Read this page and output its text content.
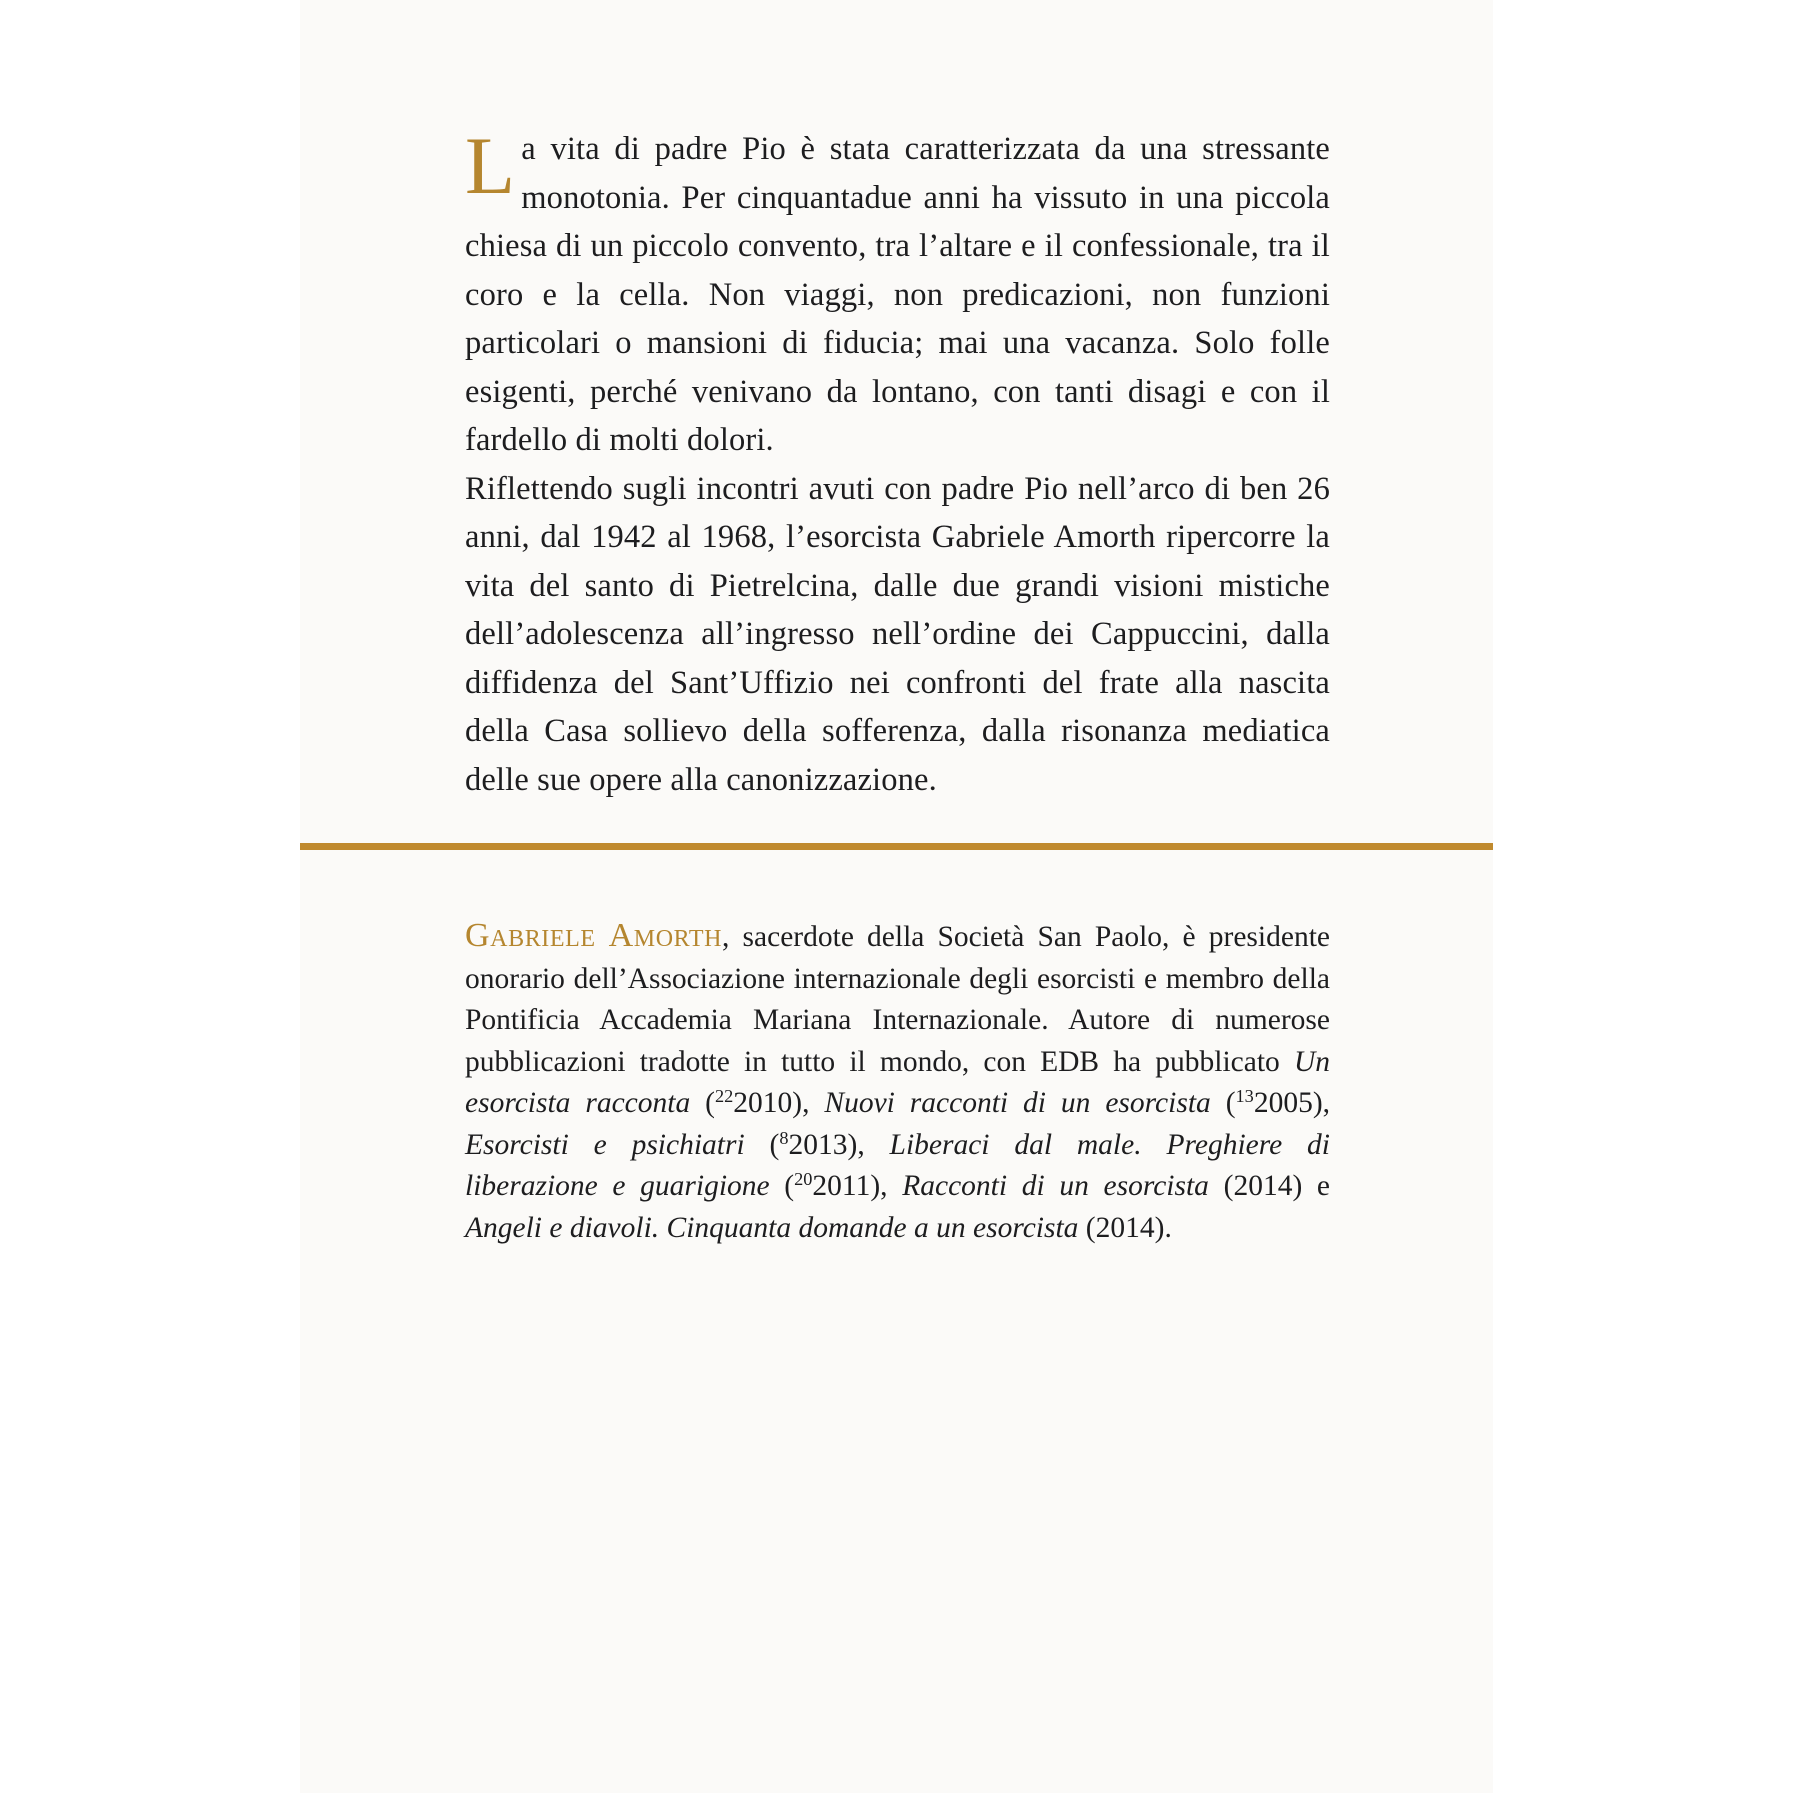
La vita di padre Pio è stata caratterizzata da una stressante monotonia. Per cinquantadue anni ha vissuto in una piccola chiesa di un piccolo convento, tra l’altare e il confessionale, tra il coro e la cella. Non viaggi, non predicazioni, non funzioni particolari o mansioni di fiducia; mai una vacanza. Solo folle esigenti, perché venivano da lontano, con tanti disagi e con il fardello di molti dolori.

Riflettendo sugli incontri avuti con padre Pio nell’arco di ben 26 anni, dal 1942 al 1968, l’esorcista Gabriele Amorth ripercorre la vita del santo di Pietrelcina, dalle due grandi visioni mistiche dell’adolescenza all’ingresso nell’ordine dei Cappuccini, dalla diffidenza del Sant’Uffizio nei confronti del frate alla nascita della Casa sollievo della sofferenza, dalla risonanza mediatica delle sue opere alla canonizzazione.

Gabriele Amorth, sacerdote della Società San Paolo, è presidente onorario dell’Associazione internazionale degli esorcisti e membro della Pontificia Accademia Mariana Internazionale. Autore di numerose pubblicazioni tradotte in tutto il mondo, con EDB ha pubblicato Un esorcista racconta ($^{22}$2010), Nuovi racconti di un esorcista ($^{13}$2005), Esorcisti e psichiatri ($^8$2013), Liberaci dal male. Preghiere di liberazione e guarigione ($^{20}$2011), Racconti di un esorcista (2014) e Angeli e diavoli. Cinquanta domande a un esorcista (2014).
